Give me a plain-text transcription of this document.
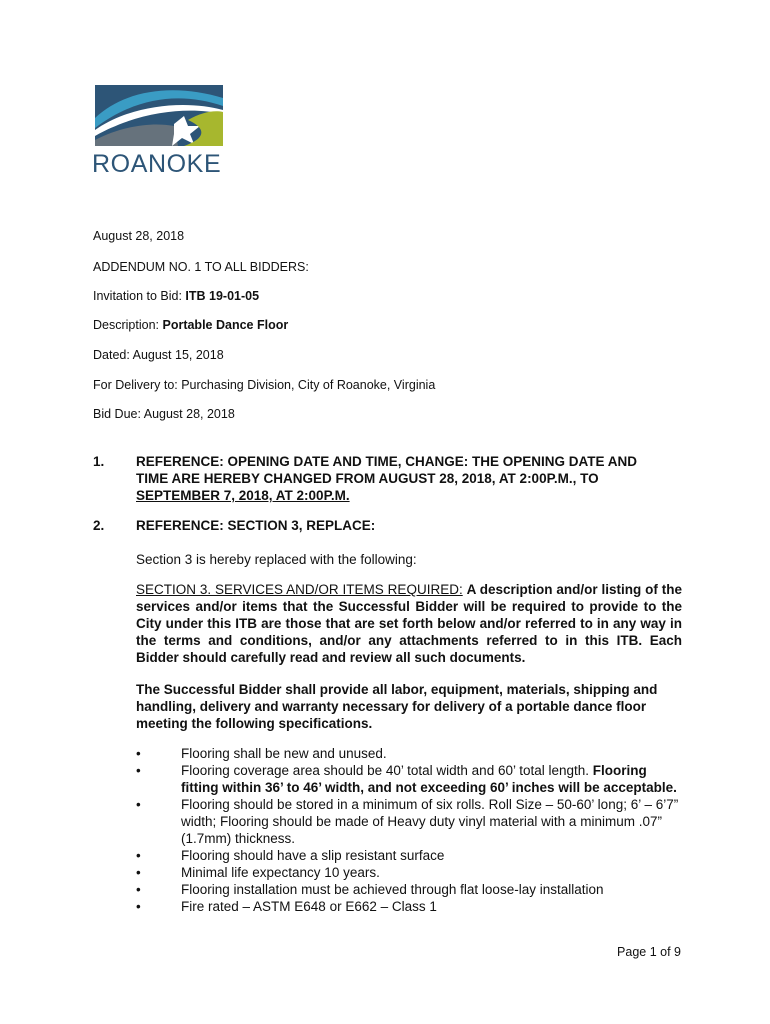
ROANOKE
August 28, 2018
ADDENDUM NO. 1 TO ALL BIDDERS:
Invitation to Bid: ITB 19-01-05
Description: Portable Dance Floor
Dated: August 15, 2018
For Delivery to: Purchasing Division, City of Roanoke, Virginia
Bid Due: August 28, 2018
1. REFERENCE: OPENING DATE AND TIME, CHANGE: THE OPENING DATE AND
TIME ARE HEREBY CHANGED FROM AUGUST 28, 2018, AT 2:00P.M., TO
SEPTEMBER 7, 2018, AT 2:00P.M.
2. REFERENCE: SECTION 3, REPLACE:
Section 3 is hereby replaced with the following:
SECTION 3. SERVICES AND/OR ITEMS REQUIRED: A description and/or listing of the services and/or items that the Successful Bidder will be required to provide to the City under this ITB are those that are set forth below and/or referred to in any way in the terms and conditions, and/or any attachments referred to in this ITB. Each Bidder should carefully read and review all such documents.
The Successful Bidder shall provide all labor, equipment, materials, shipping and handling, delivery and warranty necessary for delivery of a portable dance floor meeting the following specifications.
•	Flooring shall be new and unused.
•	Flooring coverage area should be 40’ total width and 60’ total length. Flooring fitting within 36’ to 46’ width, and not exceeding 60’ inches will be acceptable.
•	Flooring should be stored in a minimum of six rolls. Roll Size – 50-60’ long; 6’ – 6’7” width; Flooring should be made of Heavy duty vinyl material with a minimum .07” (1.7mm) thickness.
•	Flooring should have a slip resistant surface
•	Minimal life expectancy 10 years.
•	Flooring installation must be achieved through flat loose-lay installation
•	Fire rated – ASTM E648 or E662 – Class 1
Page 1 of 9
